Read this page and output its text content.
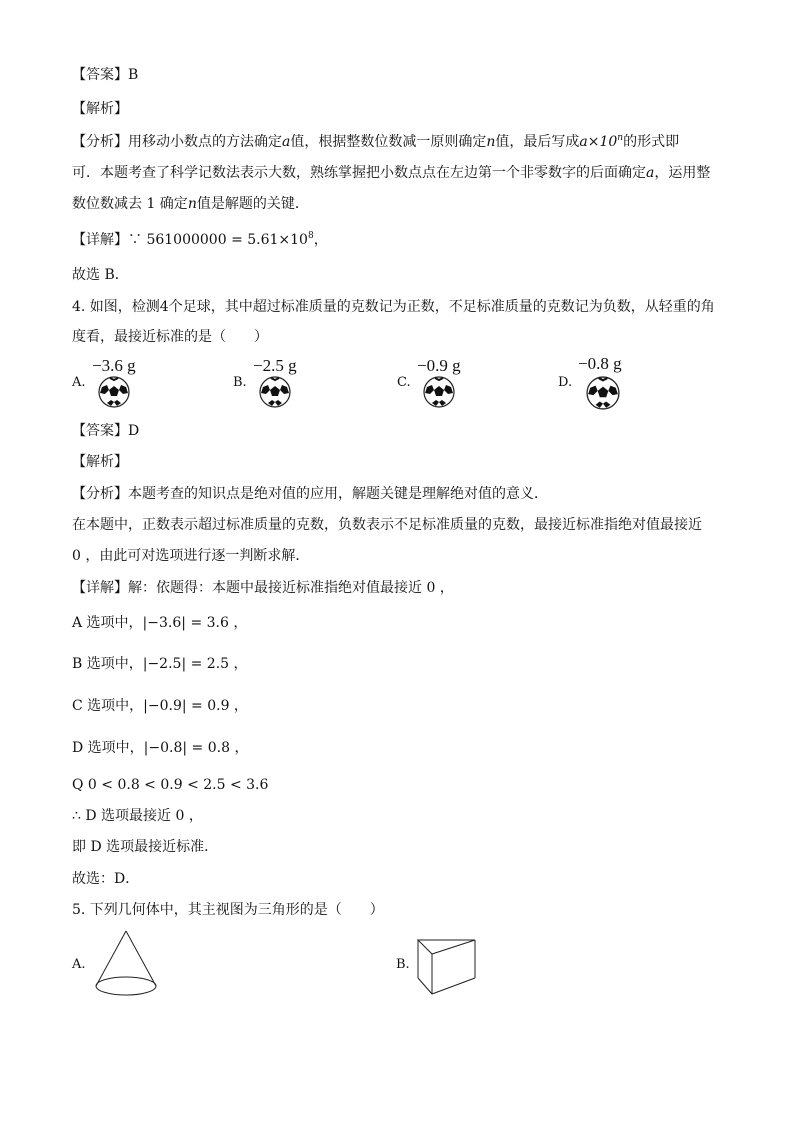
【答案】B
【解析】
【分析】用移动小数点的方法确定a值，根据整数位数减一原则确定n值，最后写成$a\times 10^n$的形式即
可．本题考查了科学记数法表示大数，熟练掌握把小数点点在左边第一个非零数字的后面确定a，运用整
数位数减去 1 确定n值是解题的关键．
【详解】∵ $561000000 = 5.61\times 10^8$，
故选 B．
4. 如图，检测4个足球，其中超过标准质量的克数记为正数，不足标准质量的克数记为负数，从轻重的角
度看，最接近标准的是（　　）
A.
−3.6 g
B.
−2.5 g
C.
−0.9 g
D.
−0.8 g
【答案】D
【解析】
【分析】本题考查的知识点是绝对值的应用，解题关键是理解绝对值的意义．
在本题中，正数表示超过标准质量的克数，负数表示不足标准质量的克数，最接近标准指绝对值最接近
0 ，由此可对选项进行逐一判断求解．
【详解】解：依题得：本题中最接近标准指绝对值最接近 0 ，
A 选项中，|−3.6| = 3.6 ，
B 选项中，|−2.5| = 2.5 ，
C 选项中，|−0.9| = 0.9 ，
D 选项中，|−0.8| = 0.8 ，
Q 0 < 0.8 < 0.9 < 2.5 < 3.6
∴ D 选项最接近 0 ，
即 D 选项最接近标准．
故选：D．
5. 下列几何体中，其主视图为三角形的是（　　）
A.	B.
